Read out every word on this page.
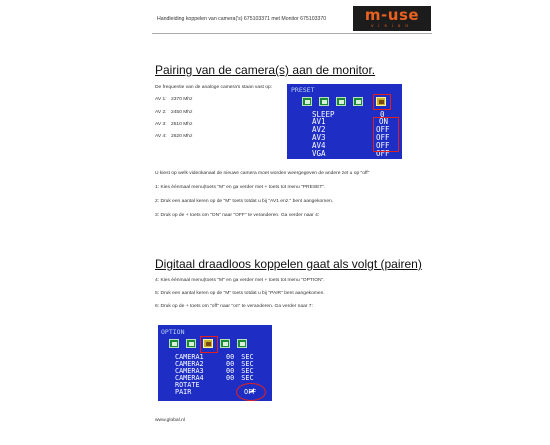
Handleiding koppelen van camera('s) 675103371 met Monitor 675103370	m-use
vision
Pairing van de camera(s) aan de monitor.
De frequentie van de analoge camera's staan vast op:
AV 1: 2370 Mhz
AV 2: 2450 Mhz
AV 3: 2510 Mhz
AV 4: 2620 Mhz
PRESET
SLEEP	0
AV1	ON
AV2	OFF
AV3	OFF
AV4	OFF
VGA	OFF
U kiest op welk videokanaal de nieuwe camera moet worden weergegeven de andere zet u op "off"
1: Kies éénmaal menu(toets "M" en ga verder met + toets tot menu "PRESET".
2: Druk een aantal keren op de "M" toets totdat u bij "AV1 enz." bent aangekomen.
3: Druk op de + toets om "ON" naar "OFF" te veranderen. Ga verder naar 4:
Digitaal draadloos koppelen gaat als volgt (pairen)
4: Kies éénmaal menu(toets "M" en ga verder met + toets tot menu "OPTION".
5: Druk een aantal keren op de "M" toets totdat u bij "PAIR" bent aangekomen.
6: Druk op de + toets om "off" naar "on" te veranderen. Ga verder naar 7:
OPTION
CAMERA1	00 SEC
CAMERA2	00 SEC
CAMERA3	00 SEC
CAMERA4	00 SEC
ROTATE
PAIR	OFF
www.global.nl
